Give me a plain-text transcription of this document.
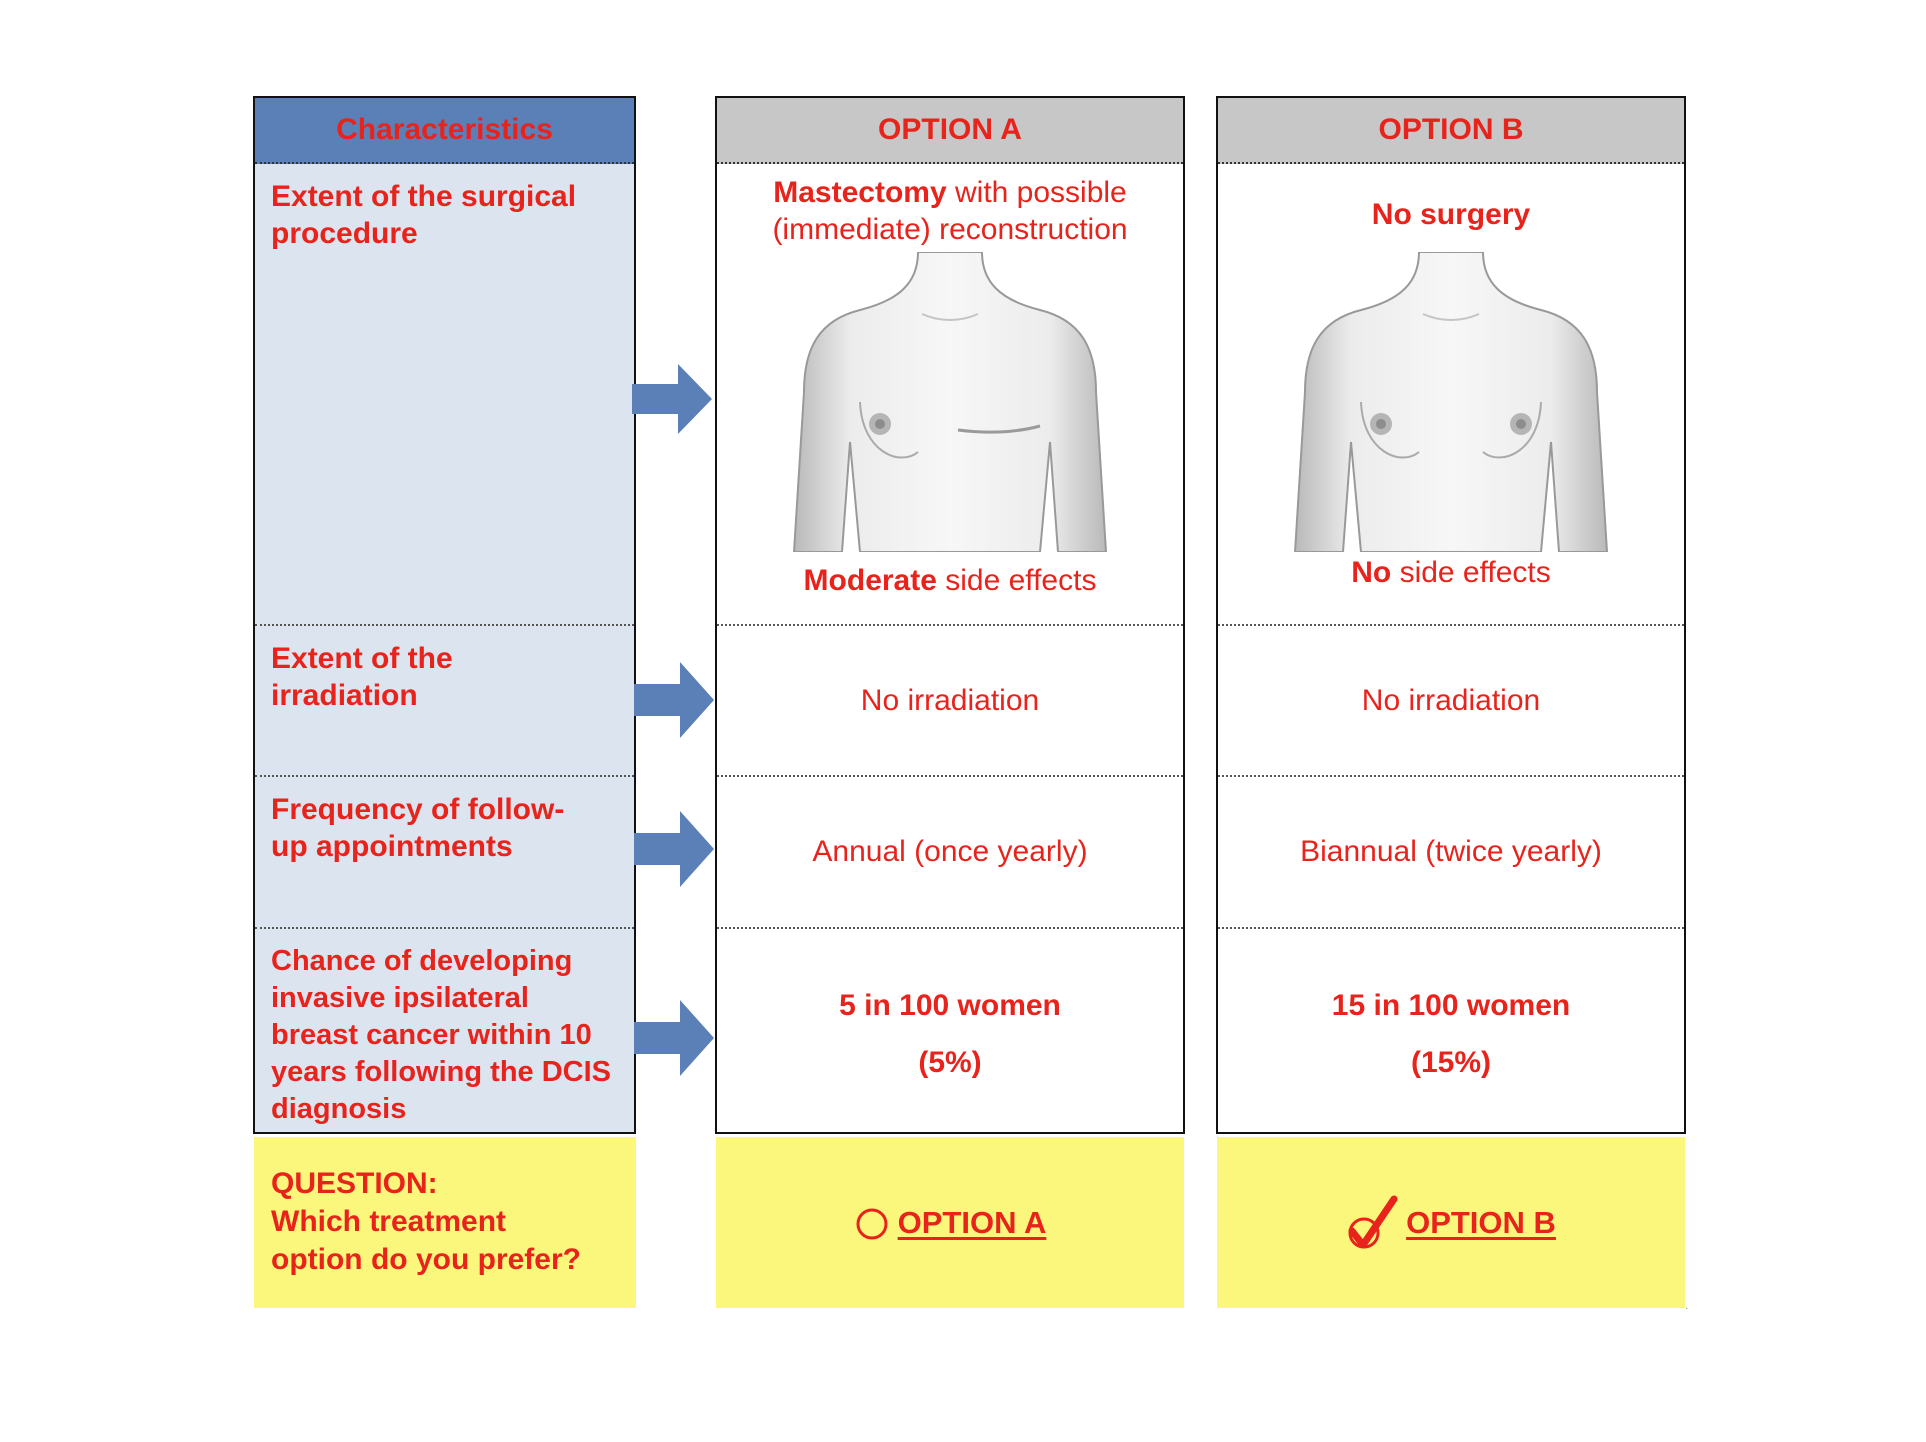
Characteristics
Extent of the surgical procedure
Extent of the irradiation
Frequency of follow-up appointments
Chance of developing invasive ipsilateral breast cancer within 10 years following the DCIS diagnosis
OPTION A
Mastectomy with possible
(immediate) reconstruction
Moderate side effects
No irradiation
Annual (once yearly)
5 in 100 women
(5%)
OPTION B
No surgery
No side effects
No irradiation
Biannual (twice yearly)
15 in 100 women
(15%)
QUESTION:
Which treatment
option do you prefer?
OPTION A	OPTION B
·
